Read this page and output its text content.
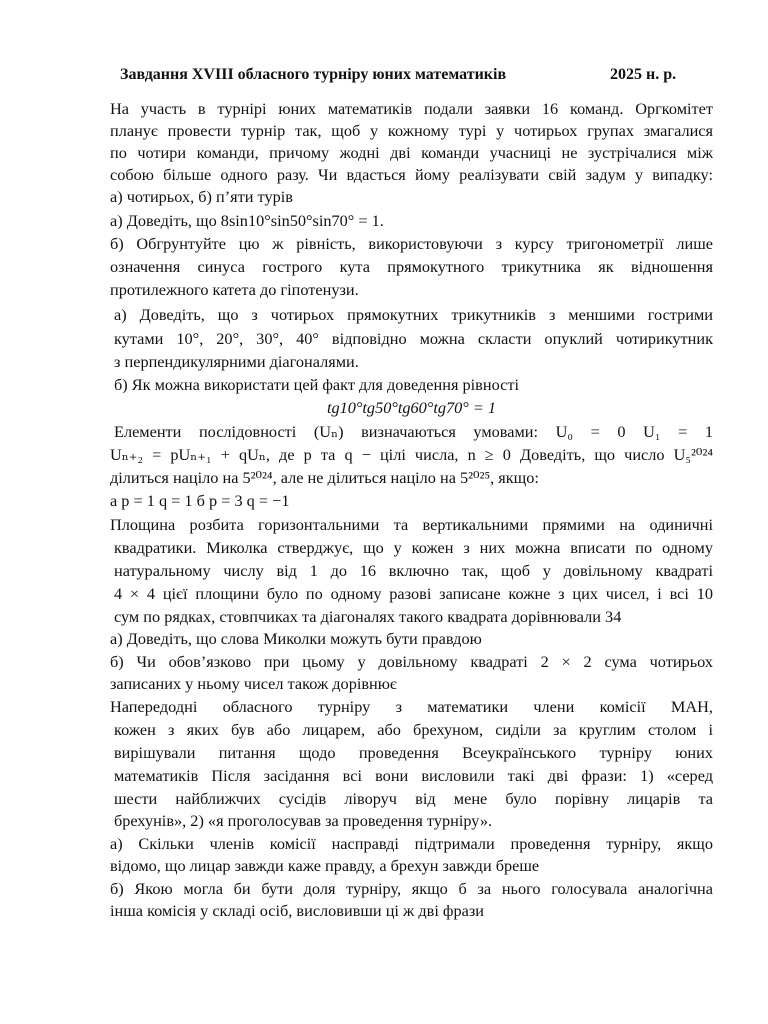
Завдання XVIII обласного турніру юних математиків	2025 н. р.
На участь в турнірі юних математиків подали заявки 16 команд. Оргкомітет
планує провести турнір так, щоб у кожному турі у чотирьох групах змагалися
по чотири команди, причому жодні дві команди учасниці не зустрічалися між
собою більше одного разу. Чи вдасться йому реалізувати свій задум у випадку:
а) чотирьох, б) п’яти турів
а) Доведіть, що 8sin10°sin50°sin70° = 1.
б) Обгрунтуйте цю ж рівність, використовуючи з курсу тригонометрії лише
означення синуса гострого кута прямокутного трикутника як відношення
протилежного катета до гіпотенузи.
а) Доведіть, що з чотирьох прямокутних трикутників з меншими гострими
кутами 10°, 20°, 30°, 40° відповідно можна скласти опуклий чотирикутник
з перпендикулярними діагоналями.
б) Як можна використати цей факт для доведення рівності
tg10°tg50°tg60°tg70° = 1
Елементи послідовності (Uₙ) визначаються умовами: U₀ = 0 U₁ = 1
Uₙ₊₂ = pUₙ₊₁ + qUₙ, де p та q − цілі числа, n ≥ 0 Доведіть, що число U₅²⁰²⁴
ділиться націло на 5²⁰²⁴, але не ділиться націло на 5²⁰²⁵, якщо:
а p = 1 q = 1 б p = 3 q = −1
Площина розбита горизонтальними та вертикальними прямими на одиничні
квадратики. Миколка стверджує, що у кожен з них можна вписати по одному
натуральному числу від 1 до 16 включно так, щоб у довільному квадраті
4 × 4 цієї площини було по одному разові записане кожне з цих чисел, і всі 10
сум по рядках, стовпчиках та діагоналях такого квадрата дорівнювали 34
а) Доведіть, що слова Миколки можуть бути правдою
б) Чи обов’язково при цьому у довільному квадраті 2 × 2 сума чотирьох
записаних у ньому чисел також дорівнює
Напередодні обласного турніру з математики члени комісії МАН,
кожен з яких був або лицарем, або брехуном, сиділи за круглим столом і
вирішували питання щодо проведення Всеукраїнського турніру юних
математиків Після засідання всі вони висловили такі дві фрази: 1) «серед
шести найближчих сусідів ліворуч від мене було порівну лицарів та
брехунів», 2) «я проголосував за проведення турніру».
а) Скільки членів комісії насправді підтримали проведення турніру, якщо
відомо, що лицар завжди каже правду, а брехун завжди бреше
б) Якою могла би бути доля турніру, якщо б за нього голосувала аналогічна
інша комісія у складі осіб, висловивши ці ж дві фрази
